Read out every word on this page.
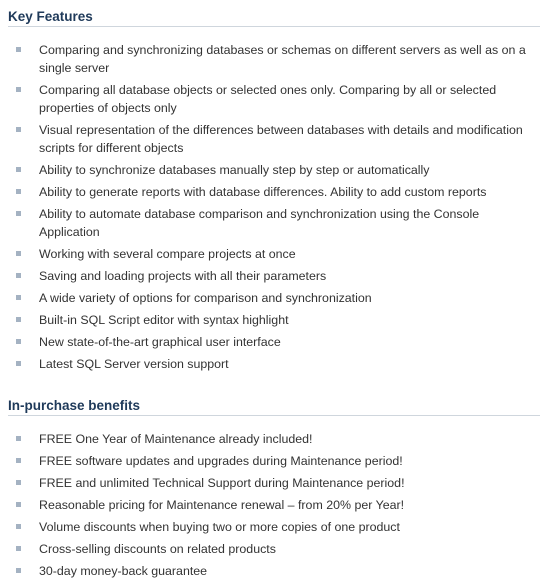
Key Features
Comparing and synchronizing databases or schemas on different servers as well as on a single server
Comparing all database objects or selected ones only. Comparing by all or selected properties of objects only
Visual representation of the differences between databases with details and modification scripts for different objects
Ability to synchronize databases manually step by step or automatically
Ability to generate reports with database differences. Ability to add custom reports
Ability to automate database comparison and synchronization using the Console Application
Working with several compare projects at once
Saving and loading projects with all their parameters
A wide variety of options for comparison and synchronization
Built-in SQL Script editor with syntax highlight
New state-of-the-art graphical user interface
Latest SQL Server version support
In-purchase benefits
FREE One Year of Maintenance already included!
FREE software updates and upgrades during Maintenance period!
FREE and unlimited Technical Support during Maintenance period!
Reasonable pricing for Maintenance renewal – from 20% per Year!
Volume discounts when buying two or more copies of one product
Cross-selling discounts on related products
30-day money-back guarantee
